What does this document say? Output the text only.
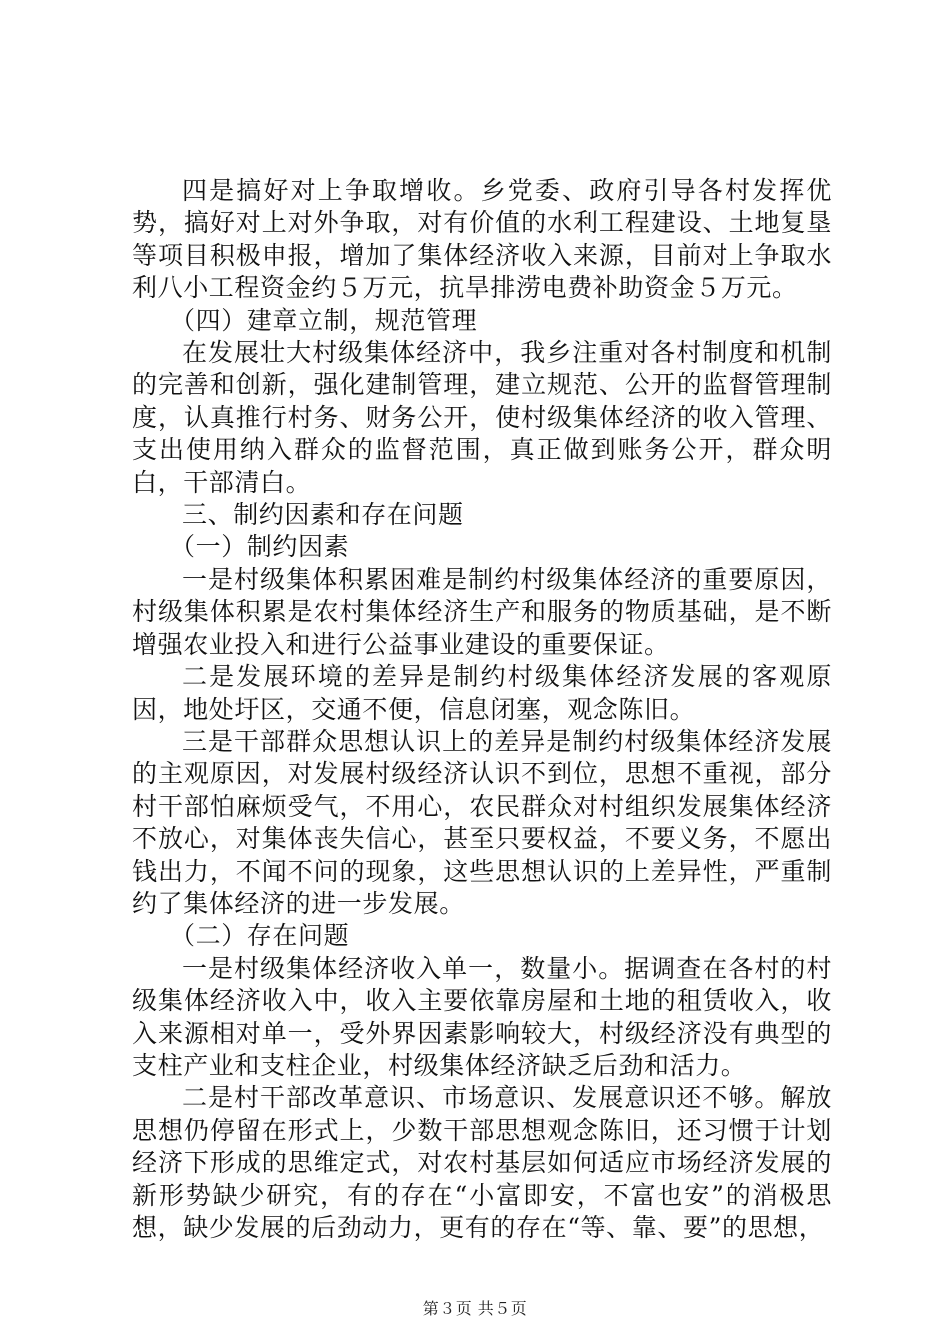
四是搞好对上争取增收。乡党委、政府引导各村发挥优势，搞好对上对外争取，对有价值的水利工程建设、土地复垦等项目积极申报，增加了集体经济收入来源，目前对上争取水利八小工程资金约５万元，抗旱排涝电费补助资金５万元。

（四）建章立制，规范管理

在发展壮大村级集体经济中，我乡注重对各村制度和机制的完善和创新，强化建制管理，建立规范、公开的监督管理制度，认真推行村务、财务公开，使村级集体经济的收入管理、支出使用纳入群众的监督范围，真正做到账务公开，群众明白，干部清白。

三、制约因素和存在问题

（一）制约因素

一是村级集体积累困难是制约村级集体经济的重要原因，村级集体积累是农村集体经济生产和服务的物质基础，是不断增强农业投入和进行公益事业建设的重要保证。

二是发展环境的差异是制约村级集体经济发展的客观原因，地处圩区，交通不便，信息闭塞，观念陈旧。

三是干部群众思想认识上的差异是制约村级集体经济发展的主观原因，对发展村级经济认识不到位，思想不重视，部分村干部怕麻烦受气，不用心，农民群众对村组织发展集体经济不放心，对集体丧失信心，甚至只要权益，不要义务，不愿出钱出力，不闻不问的现象，这些思想认识的上差异性，严重制约了集体经济的进一步发展。

（二）存在问题

一是村级集体经济收入单一，数量小。据调查在各村的村级集体经济收入中，收入主要依靠房屋和土地的租赁收入，收入来源相对单一，受外界因素影响较大，村级经济没有典型的支柱产业和支柱企业，村级集体经济缺乏后劲和活力。

二是村干部改革意识、市场意识、发展意识还不够。解放思想仍停留在形式上，少数干部思想观念陈旧，还习惯于计划经济下形成的思维定式，对农村基层如何适应市场经济发展的新形势缺少研究，有的存在“小富即安，不富也安”的消极思想，缺少发展的后劲动力，更有的存在“等、靠、要”的思想，

第３页 共５页
